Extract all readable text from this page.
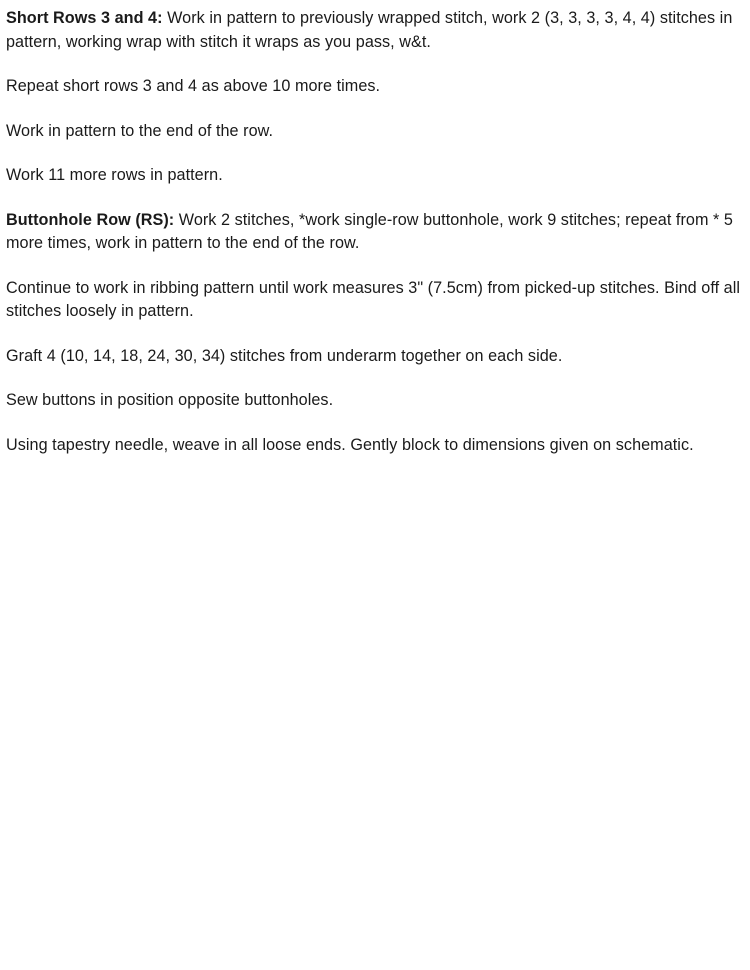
Short Rows 3 and 4: Work in pattern to previously wrapped stitch, work 2 (3, 3, 3, 3, 4, 4) stitches in pattern, working wrap with stitch it wraps as you pass, w&t.

Repeat short rows 3 and 4 as above 10 more times.

Work in pattern to the end of the row.

Work 11 more rows in pattern.

Buttonhole Row (RS): Work 2 stitches, *work single-row buttonhole, work 9 stitches; repeat from * 5 more times, work in pattern to the end of the row.

Continue to work in ribbing pattern until work measures 3" (7.5cm) from picked-up stitches. Bind off all stitches loosely in pattern.

Graft 4 (10, 14, 18, 24, 30, 34) stitches from underarm together on each side.

Sew buttons in position opposite buttonholes.

Using tapestry needle, weave in all loose ends. Gently block to dimensions given on schematic.
